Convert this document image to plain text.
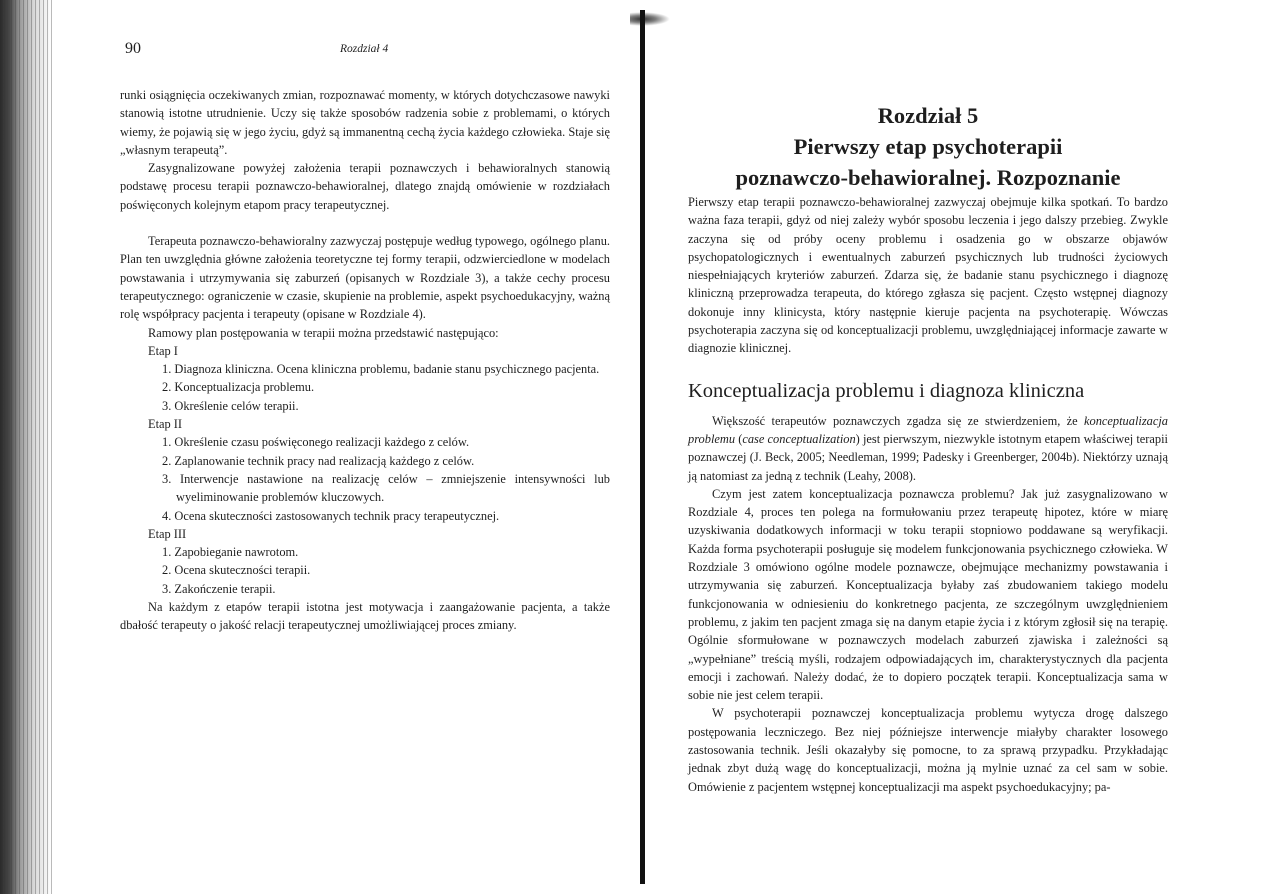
90	Rozdział 4

runki osiągnięcia oczekiwanych zmian, rozpoznawać momenty, w których dotychczasowe nawyki stanowią istotne utrudnienie. Uczy się także sposobów radzenia sobie z problemami, o których wiemy, że pojawią się w jego życiu, gdyż są immanentną cechą życia każdego człowieka. Staje się „własnym terapeutą”.

Zasygnalizowane powyżej założenia terapii poznawczych i behawioralnych stanowią podstawę procesu terapii poznawczo-behawioralnej, dlatego znajdą omówienie w rozdziałach poświęconych kolejnym etapom pracy terapeutycznej.

Terapeuta poznawczo-behawioralny zazwyczaj postępuje według typowego, ogólnego planu. Plan ten uwzględnia główne założenia teoretyczne tej formy terapii, odzwierciedlone w modelach powstawania i utrzymywania się zaburzeń (opisanych w Rozdziale 3), a także cechy procesu terapeutycznego: ograniczenie w czasie, skupienie na problemie, aspekt psychoedukacyjny, ważną rolę współpracy pacjenta i terapeuty (opisane w Rozdziale 4).

Ramowy plan postępowania w terapii można przedstawić następująco:

Etap I
1. Diagnoza kliniczna. Ocena kliniczna problemu, badanie stanu psychicznego pacjenta.
2. Konceptualizacja problemu.
3. Określenie celów terapii.
Etap II
1. Określenie czasu poświęconego realizacji każdego z celów.
2. Zaplanowanie technik pracy nad realizacją każdego z celów.
3. Interwencje nastawione na realizację celów – zmniejszenie intensywności lub wyeliminowanie problemów kluczowych.
4. Ocena skuteczności zastosowanych technik pracy terapeutycznej.
Etap III
1. Zapobieganie nawrotom.
2. Ocena skuteczności terapii.
3. Zakończenie terapii.

Na każdym z etapów terapii istotna jest motywacja i zaangażowanie pacjenta, a także dbałość terapeuty o jakość relacji terapeutycznej umożliwiającej proces zmiany.

Rozdział 5
Pierwszy etap psychoterapii
poznawczo-behawioralnej. Rozpoznanie

Pierwszy etap terapii poznawczo-behawioralnej zazwyczaj obejmuje kilka spotkań. To bardzo ważna faza terapii, gdyż od niej zależy wybór sposobu leczenia i jego dalszy przebieg. Zwykle zaczyna się od próby oceny problemu i osadzenia go w obszarze objawów psychopatologicznych i ewentualnych zaburzeń psychicznych lub trudności życiowych niespełniających kryteriów zaburzeń. Zdarza się, że badanie stanu psychicznego i diagnozę kliniczną przeprowadza terapeuta, do którego zgłasza się pacjent. Często wstępnej diagnozy dokonuje inny klinicysta, który następnie kieruje pacjenta na psychoterapię. Wówczas psychoterapia zaczyna się od konceptualizacji problemu, uwzględniającej informacje zawarte w diagnozie klinicznej.

Konceptualizacja problemu i diagnoza kliniczna

Większość terapeutów poznawczych zgadza się ze stwierdzeniem, że konceptualizacja problemu (case conceptualization) jest pierwszym, niezwykle istotnym etapem właściwej terapii poznawczej (J. Beck, 2005; Needleman, 1999; Padesky i Greenberger, 2004b). Niektórzy uznają ją natomiast za jedną z technik (Leahy, 2008).

Czym jest zatem konceptualizacja poznawcza problemu? Jak już zasygnalizowano w Rozdziale 4, proces ten polega na formułowaniu przez terapeutę hipotez, które w miarę uzyskiwania dodatkowych informacji w toku terapii stopniowo poddawane są weryfikacji. Każda forma psychoterapii posługuje się modelem funkcjonowania psychicznego człowieka. W Rozdziale 3 omówiono ogólne modele poznawcze, obejmujące mechanizmy powstawania i utrzymywania się zaburzeń. Konceptualizacja byłaby zaś zbudowaniem takiego modelu funkcjonowania w odniesieniu do konkretnego pacjenta, ze szczególnym uwzględnieniem problemu, z jakim ten pacjent zmaga się na danym etapie życia i z którym zgłosił się na terapię. Ogólnie sformułowane w poznawczych modelach zaburzeń zjawiska i zależności są „wypełniane” treścią myśli, rodzajem odpowiadających im, charakterystycznych dla pacjenta emocji i zachowań. Należy dodać, że to dopiero początek terapii. Konceptualizacja sama w sobie nie jest celem terapii.

W psychoterapii poznawczej konceptualizacja problemu wytycza drogę dalszego postępowania leczniczego. Bez niej późniejsze interwencje miałyby charakter losowego zastosowania technik. Jeśli okazałyby się pomocne, to za sprawą przypadku. Przykładając jednak zbyt dużą wagę do konceptualizacji, można ją mylnie uznać za cel sam w sobie. Omówienie z pacjentem wstępnej konceptualizacji ma aspekt psychoedukacyjny; pa-
